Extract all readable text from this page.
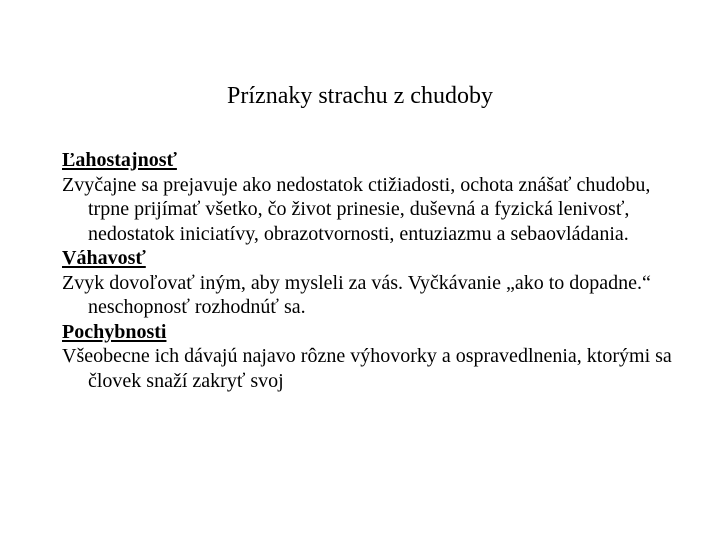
Príznaky strachu z chudoby
Ľahostajnosť

Zvyčajne sa prejavuje ako nedostatok ctižiadosti, ochota znášať chudobu, trpne prijímať všetko, čo život prinesie, duševná a fyzická lenivosť, nedostatok iniciatívy, obrazotvornosti, entuziazmu a sebaovládania.

Váhavosť

Zvyk dovoľovať iným, aby mysleli za vás. Vyčkávanie „ako to dopadne.“ neschopnosť rozhodnúť sa.

Pochybnosti

Všeobecne ich dávajú najavo rôzne výhovorky a ospravedlnenia, ktorými sa človek snaží zakryť svoj
